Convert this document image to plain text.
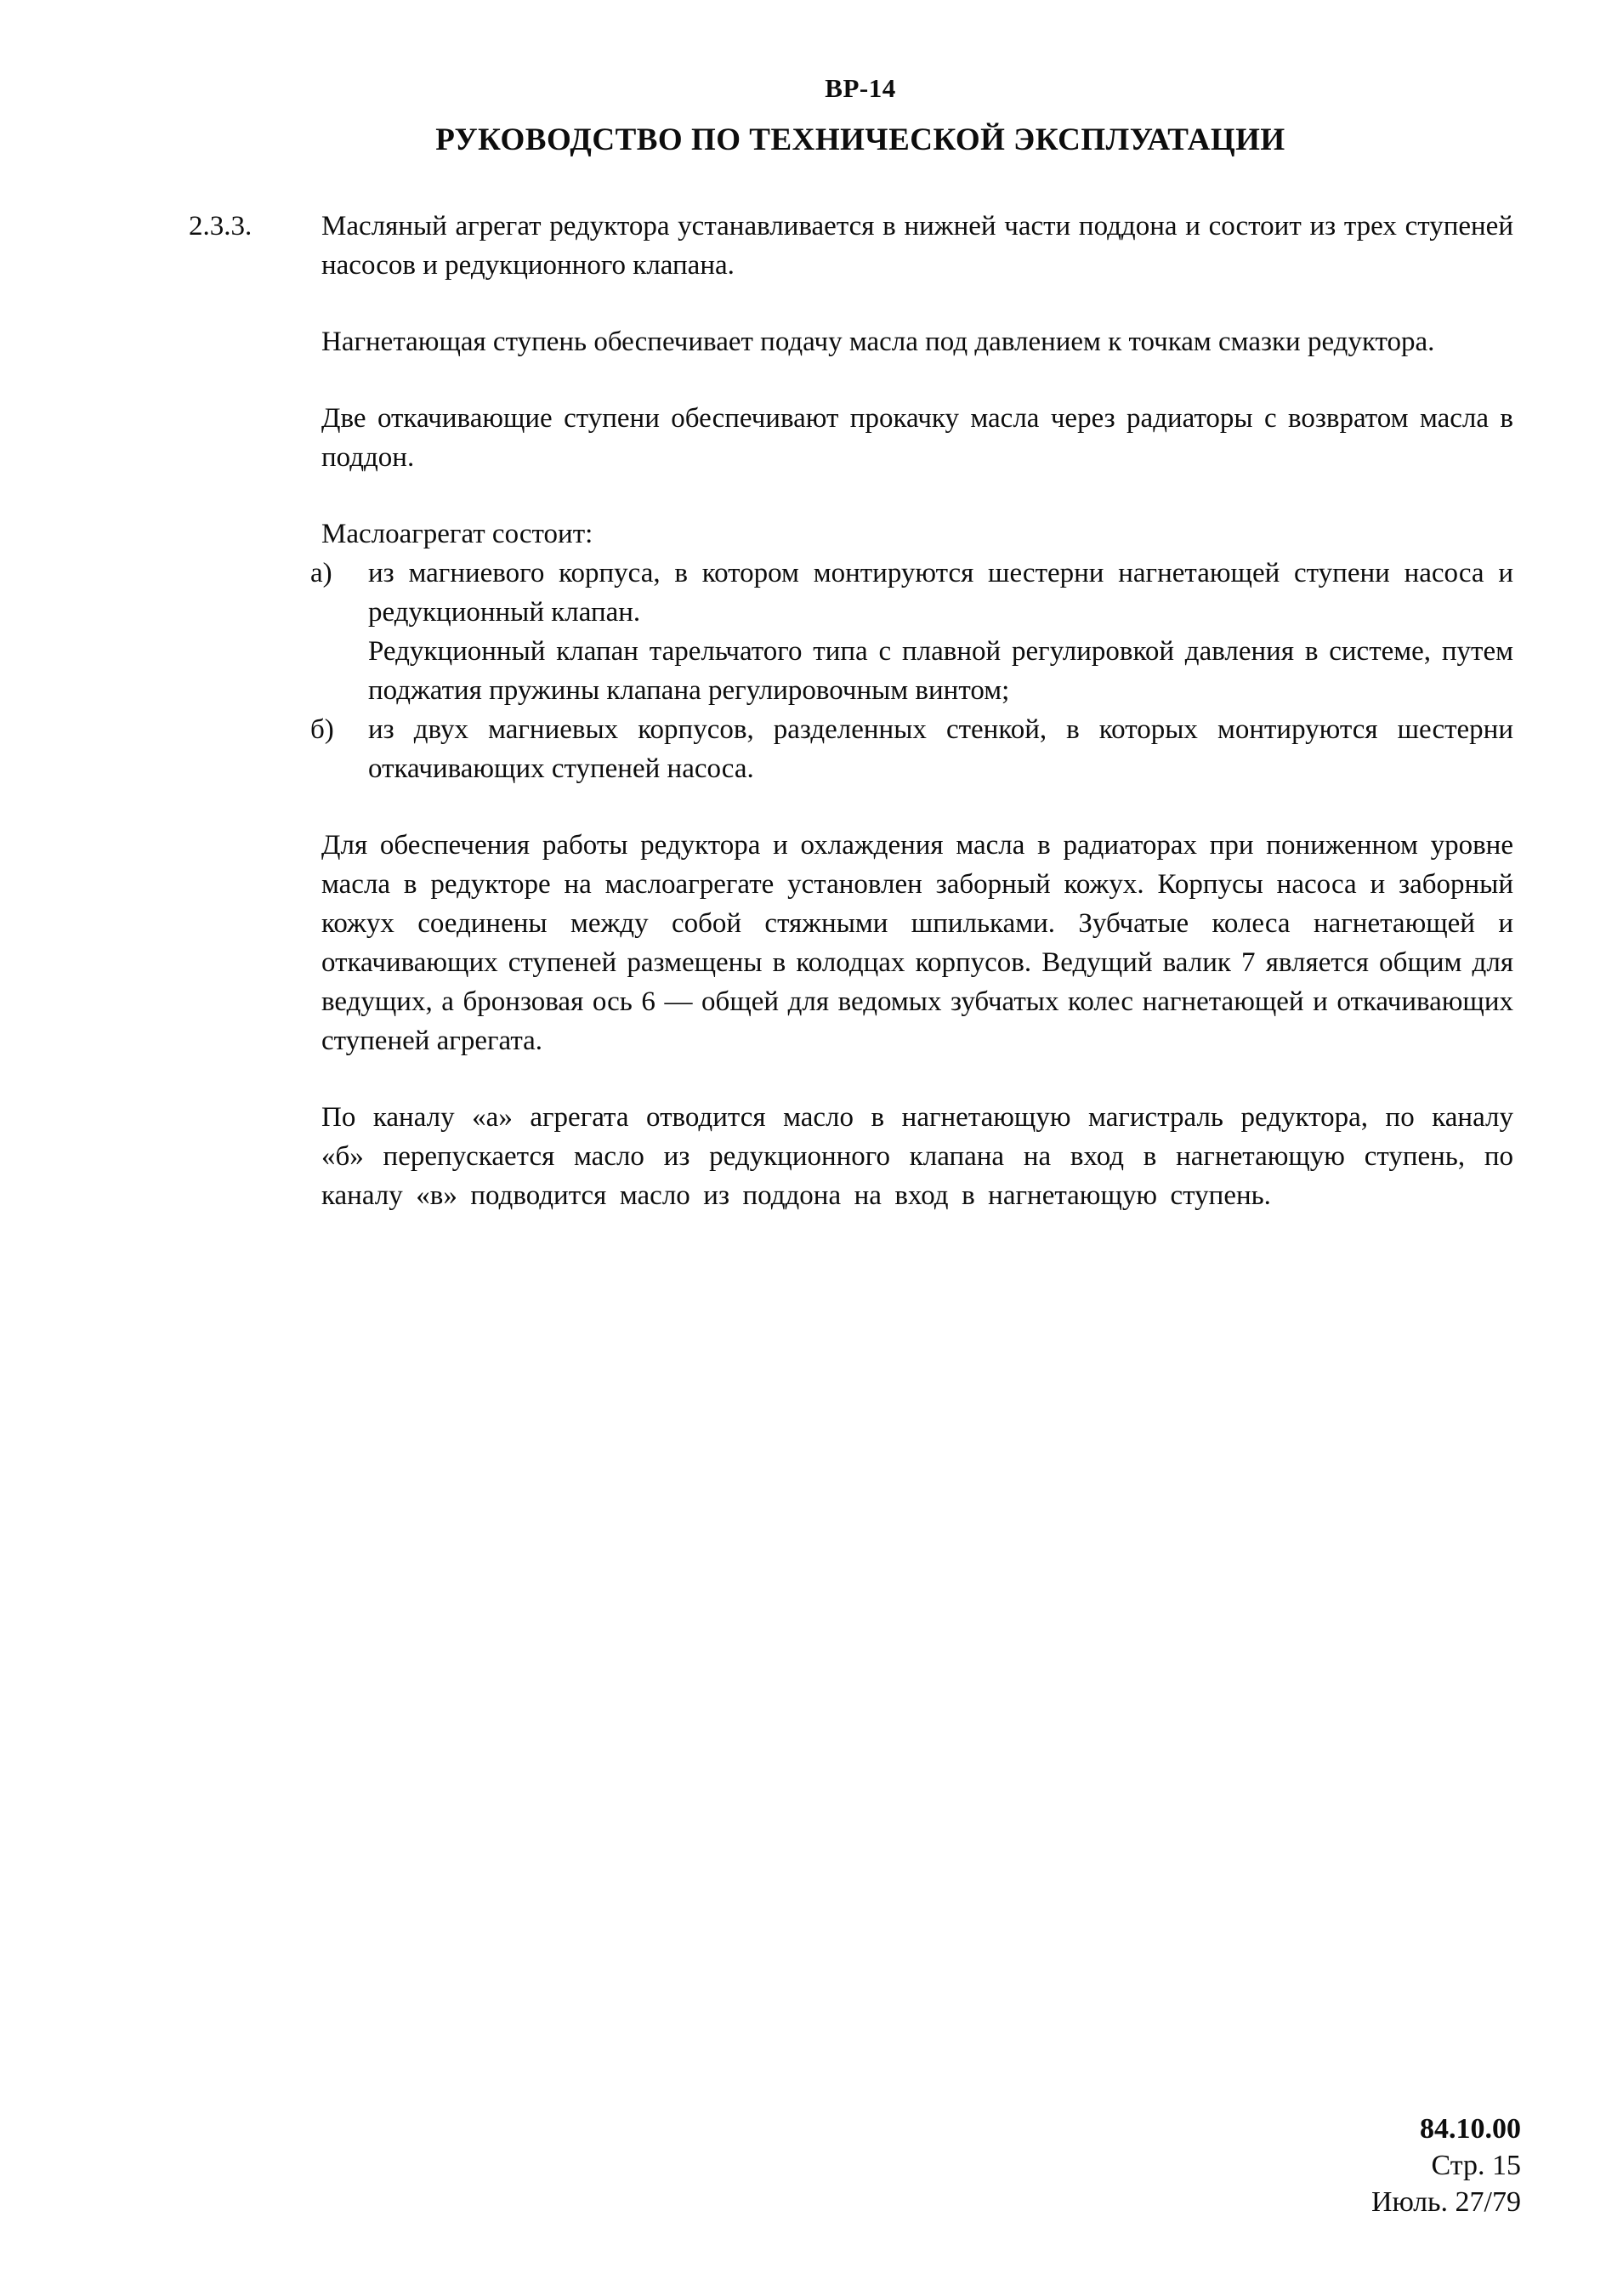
ВР-14
РУКОВОДСТВО ПО ТЕХНИЧЕСКОЙ ЭКСПЛУАТАЦИИ
2.3.3.	Масляный агрегат редуктора устанавливается в нижней части поддона и состоит из трех ступеней насосов и редукционного клапана.

Нагнетающая ступень обеспечивает подачу масла под давлением к точкам смазки редуктора.

Две откачивающие ступени обеспечивают прокачку масла через радиаторы с возвратом масла в поддон.

Маслоагрегат состоит:

а)	из магниевого корпуса, в котором монтируются шестерни нагнетающей ступени насоса и редукционный клапан.

Редукционный клапан тарельчатого типа с плавной регулировкой давления в системе, путем поджатия пружины клапана регулировочным винтом;

б)	из двух магниевых корпусов, разделенных стенкой, в которых монтируются шестерни откачивающих ступеней насоса.

Для обеспечения работы редуктора и охлаждения масла в радиаторах при пониженном уровне масла в редукторе на маслоагрегате установлен заборный кожух. Корпусы насоса и заборный кожух соединены между собой стяжными шпильками. Зубчатые колеса нагнетающей и откачивающих ступеней размещены в колодцах корпусов. Ведущий валик 7 является общим для ведущих, а бронзовая ось 6 — общей для ведомых зубчатых колес нагнетающей и откачивающих ступеней агрегата.

По каналу «а» агрегата отводится масло в нагнетающую магистраль редуктора, по каналу «б» перепускается масло из редукционного клапана на вход в нагнетающую ступень, по каналу «в» подводится масло из поддона на вход в нагнетающую ступень.

84.10.00
Стр. 15
Июль. 27/79
